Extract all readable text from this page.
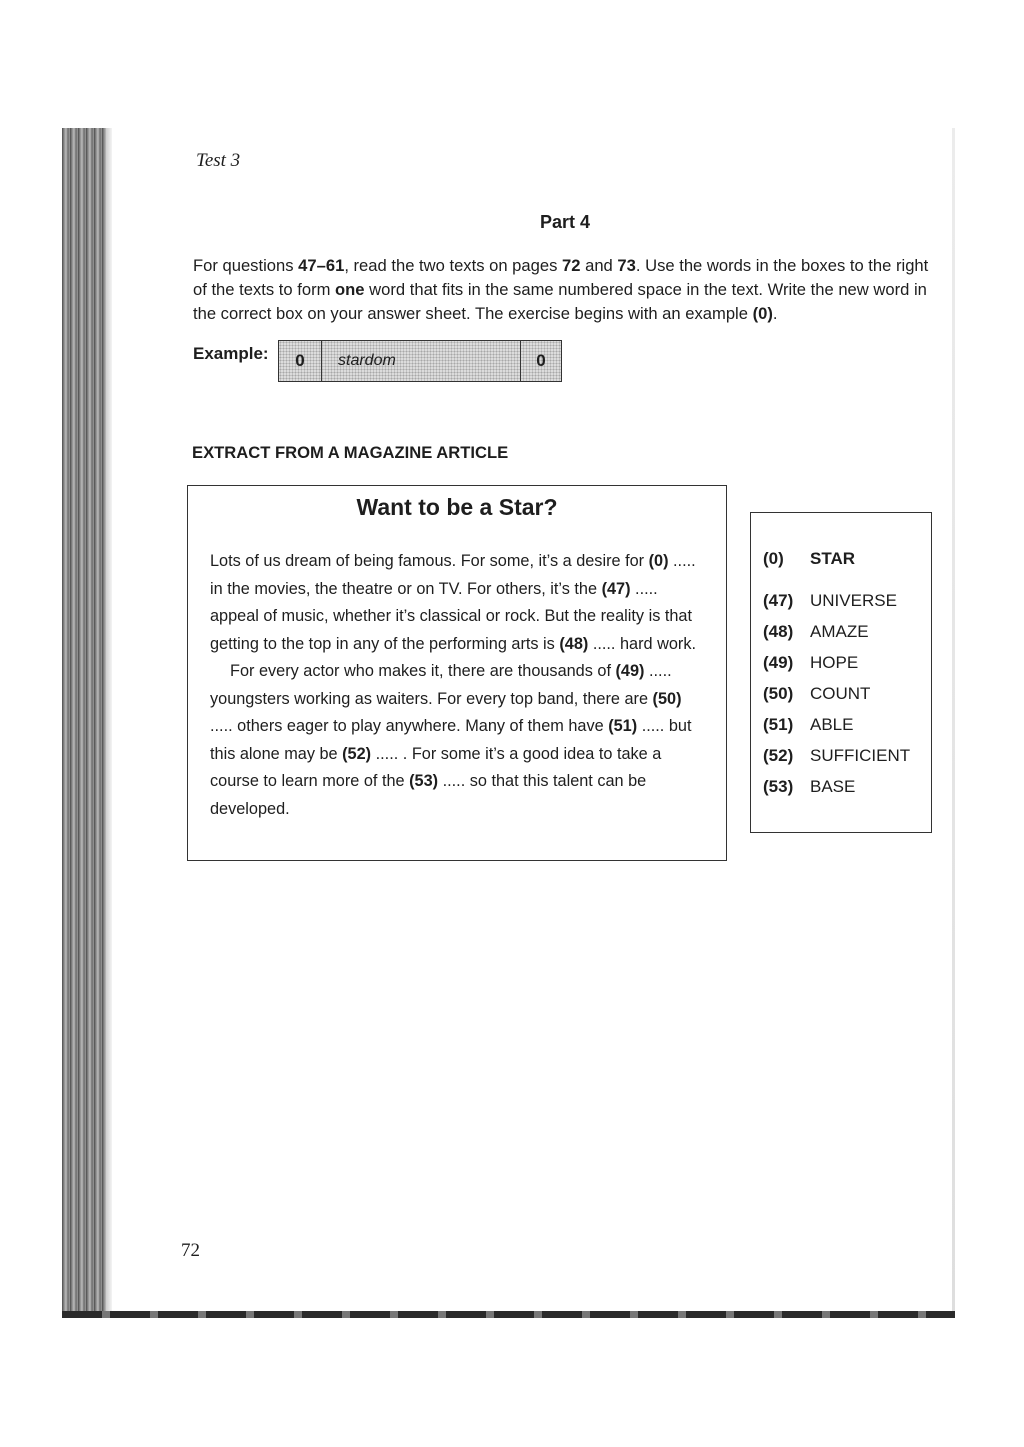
Test 3
Part 4
For questions 47–61, read the two texts on pages 72 and 73. Use the words in the boxes to the right of the texts to form one word that fits in the same numbered space in the text. Write the new word in the correct box on your answer sheet. The exercise begins with an example (0).
Example:	0	stardom	0
EXTRACT FROM A MAGAZINE ARTICLE
Want to be a Star?

Lots of us dream of being famous. For some, it’s a desire for (0) ..... in the movies, the theatre or on TV. For others, it’s the (47) ..... appeal of music, whether it’s classical or rock. But the reality is that getting to the top in any of the performing arts is (48) ..... hard work.

For every actor who makes it, there are thousands of (49) ..... youngsters working as waiters. For every top band, there are (50) ..... others eager to play anywhere. Many of them have (51) ..... but this alone may be (52) ..... . For some it’s a good idea to take a course to learn more of the (53) ..... so that this talent can be developed.

(0)	STAR
(47) UNIVERSE
(48) AMAZE
(49) HOPE
(50) COUNT
(51) ABLE
(52) SUFFICIENT
(53) BASE
72
